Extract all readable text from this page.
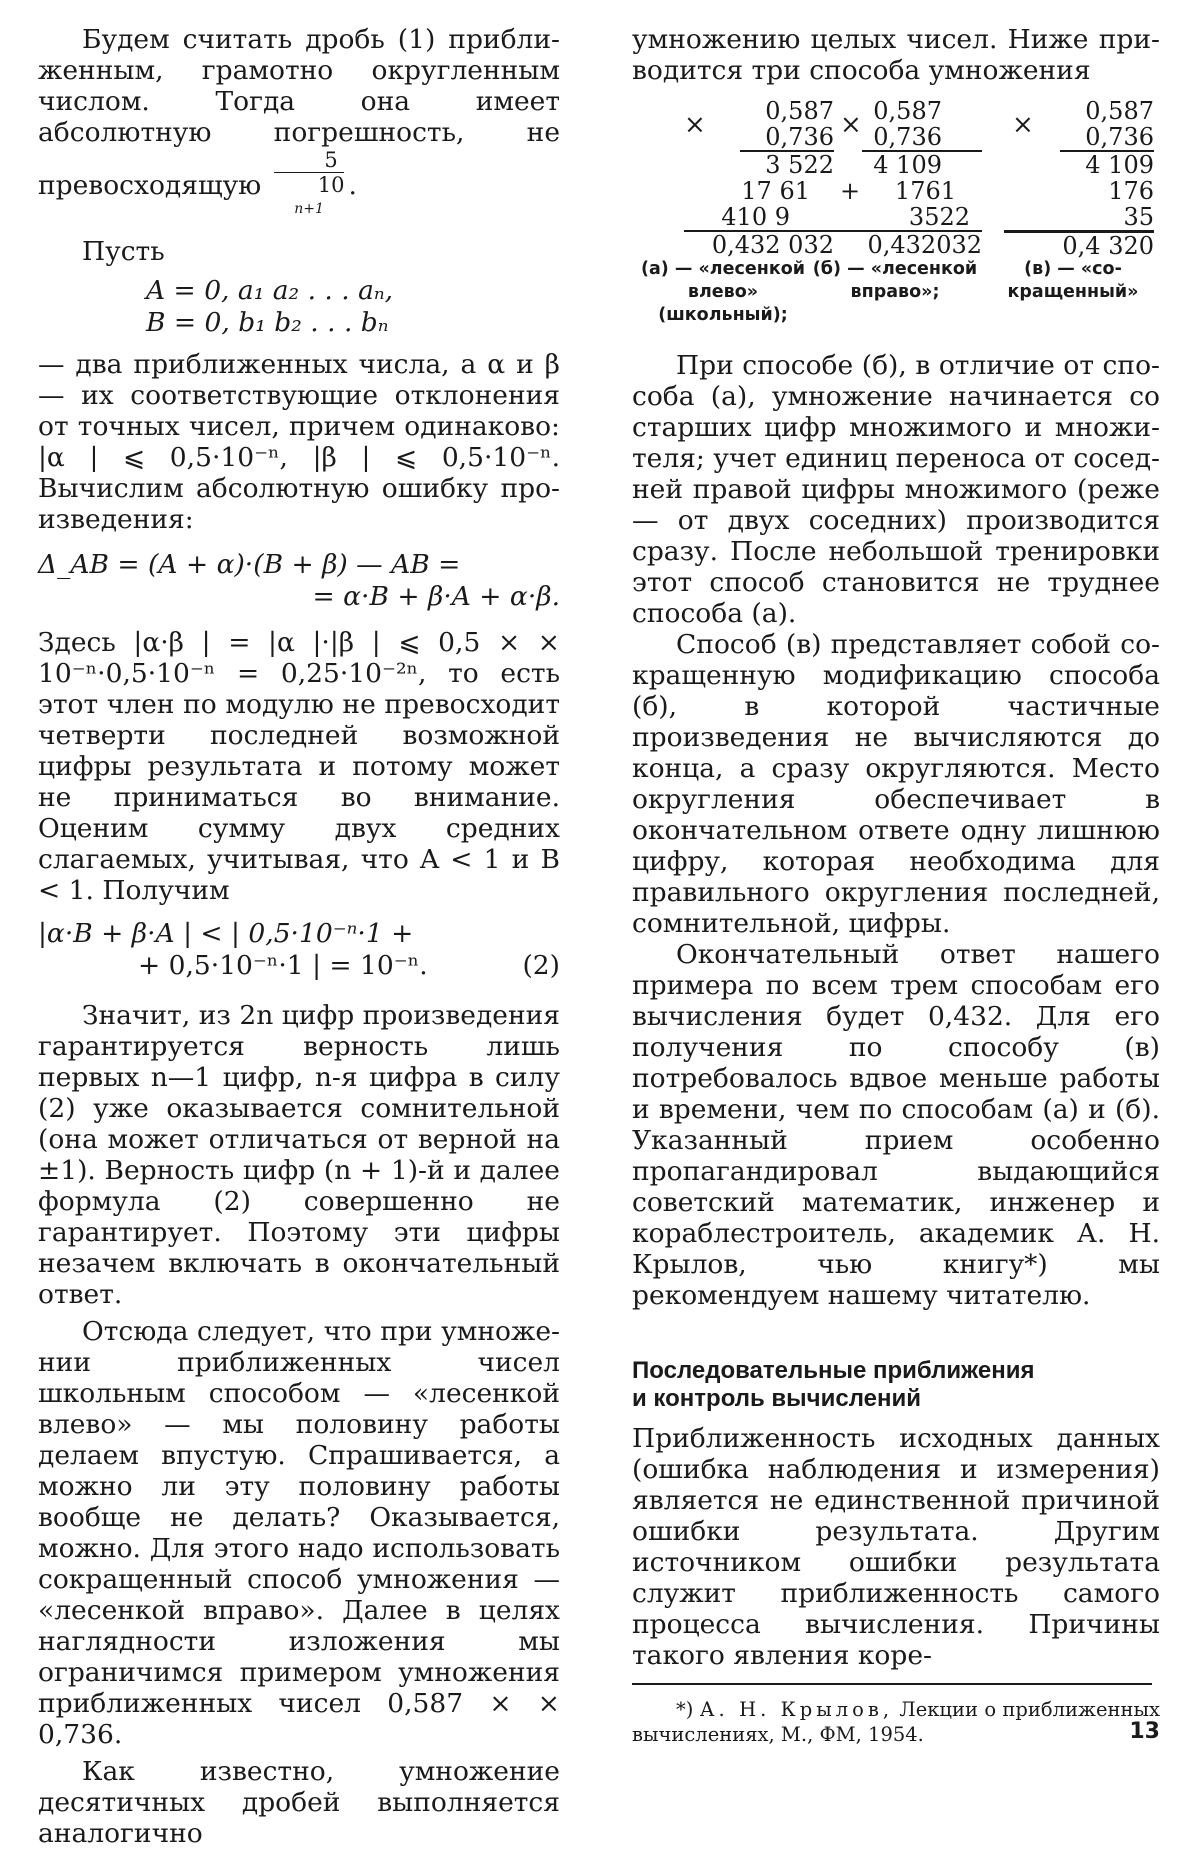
Будем считать дробь (1) приближенным, грамотно округленным числом. Тогда она имеет абсолютную погрешность, не превосходящую 5
10
$^{n+1}$ .

Пусть

A = 0, a₁ a₂ . . . aₙ,
B = 0, b₁ b₂ . . . bₙ

— два приближенных числа, а α и β — их соответствующие отклонения от точных чисел, причем одинаково: |α | ⩽ 0,5·10⁻ⁿ, |β | ⩽ 0,5·10⁻ⁿ. Вычислим абсолютную ошибку произведения:

Δ_AB = (A + α)·(B + β) — AB =
= α·B + β·A + α·β.

Здесь |α·β | = |α |·|β | ⩽ 0,5 × × 10⁻ⁿ·0,5·10⁻ⁿ = 0,25·10⁻²ⁿ, то есть этот член по модулю не превосходит четверти последней возможной цифры результата и потому может не приниматься во внимание. Оценим сумму двух средних слагаемых, учитывая, что A < 1 и B < 1. Получим

|α·B + β·A | < | 0,5·10⁻ⁿ·1 +
+ 0,5·10⁻ⁿ·1 | = 10⁻ⁿ.	(2)

Значит, из 2n цифр произведения гарантируется верность лишь первых n—1 цифр, n-я цифра в силу (2) уже оказывается сомнительной (она может отличаться от верной на ±1). Верность цифр (n + 1)-й и далее формула (2) совершенно не гарантирует. Поэтому эти цифры незачем включать в окончательный ответ.

Отсюда следует, что при умножении приближенных чисел школьным способом — «лесенкой влево» — мы половину работы делаем впустую. Спрашивается, а можно ли эту половину работы вообще не делать? Оказывается, можно. Для этого надо использовать сокращенный способ умножения — «лесенкой вправо». Далее в целях наглядности изложения мы ограничимся примером умножения приближенных чисел 0,587 × × 0,736.

Как известно, умножение десятичных дробей выполняется аналогично

умножению целых чисел. Ниже приводится три способа умножения

×	0,587
0,736
3 522
17 61
410 9
0,432 032
× 0,587
0,736
4 109
+ 1761
3522
0,432032
×	0,587
0,736
4 109
176
35
0,4 320
(а) — «лесенкой влево» (школьный);
(б) — «лесенкой вправо»;
(в) — «сокращенный»

При способе (б), в отличие от способа (а), умножение начинается со старших цифр множимого и множителя; учет единиц переноса от соседней правой цифры множимого (реже — от двух соседних) производится сразу. После небольшой тренировки этот способ становится не труднее способа (а).

Способ (в) представляет собой сокращенную модификацию способа (б), в которой частичные произведения не вычисляются до конца, а сразу округляются. Место округления обеспечивает в окончательном ответе одну лишнюю цифру, которая необходима для правильного округления последней, сомнительной, цифры.

Окончательный ответ нашего примера по всем трем способам его вычисления будет 0,432. Для его получения по способу (в) потребовалось вдвое меньше работы и времени, чем по способам (а) и (б). Указанный прием особенно пропагандировал выдающийся советский математик, инженер и кораблестроитель, академик А. Н. Крылов, чью книгу*) мы рекомендуем нашему читателю.

Последовательные приближения

и контроль вычислений

Приближенность исходных данных (ошибка наблюдения и измерения) является не единственной причиной ошибки результата. Другим источником ошибки результата служит приближенность самого процесса вычисления. Причины такого явления коре-

*) А. Н. Крылов, Лекции о приближенных вычислениях, М., ФМ, 1954.	13
